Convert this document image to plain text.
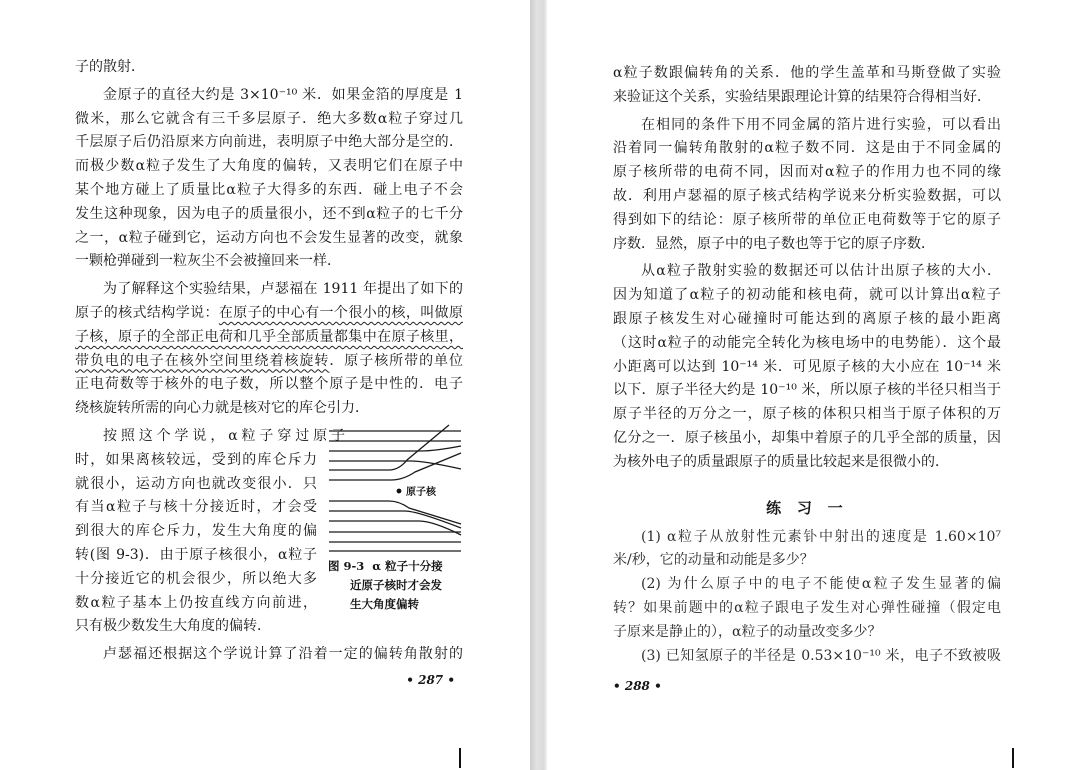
子的散射．
金原子的直径大约是 3×10⁻¹⁰ 米．如果金箔的厚度是 1
微米，那么它就含有三千多层原子．绝大多数α粒子穿过几
千层原子后仍沿原来方向前进，表明原子中绝大部分是空的．
而极少数α粒子发生了大角度的偏转，又表明它们在原子中
某个地方碰上了质量比α粒子大得多的东西．碰上电子不会
发生这种现象，因为电子的质量很小，还不到α粒子的七千分
之一，α粒子碰到它，运动方向也不会发生显著的改变，就象
一颗枪弹碰到一粒灰尘不会被撞回来一样．
为了解释这个实验结果，卢瑟福在 1911 年提出了如下的
原子的核式结构学说：在原子的中心有一个很小的核，叫做原
子核，原子的全部正电荷和几乎全部质量都集中在原子核里，
带负电的电子在核外空间里绕着核旋转．原子核所带的单位
正电荷数等于核外的电子数，所以整个原子是中性的．电子
绕核旋转所需的向心力就是核对它的库仑引力．
按照这个学说，α粒子穿过原子
时，如果离核较远，受到的库仑斥力
就很小，运动方向也就改变很小．只
有当α粒子与核十分接近时，才会受
到很大的库仑斥力，发生大角度的偏
转(图 9-3)．由于原子核很小，α粒子
十分接近它的机会很少，所以绝大多
数α粒子基本上仍按直线方向前进，
只有极少数发生大角度的偏转．
卢瑟福还根据这个学说计算了沿着一定的偏转角散射的
原子核
图 9-3  α 粒子十分接
近原子核时才会发
生大角度偏转
• 287 •
α粒子数跟偏转角的关系．他的学生盖革和马斯登做了实验
来验证这个关系，实验结果跟理论计算的结果符合得相当好．
在相同的条件下用不同金属的箔片进行实验，可以看出
沿着同一偏转角散射的α粒子数不同．这是由于不同金属的
原子核所带的电荷不同，因而对α粒子的作用力也不同的缘
故．利用卢瑟福的原子核式结构学说来分析实验数据，可以
得到如下的结论：原子核所带的单位正电荷数等于它的原子
序数．显然，原子中的电子数也等于它的原子序数．
从α粒子散射实验的数据还可以估计出原子核的大小．
因为知道了α粒子的初动能和核电荷，就可以计算出α粒子
跟原子核发生对心碰撞时可能达到的离原子核的最小距离
（这时α粒子的动能完全转化为核电场中的电势能）．这个最
小距离可以达到 10⁻¹⁴ 米．可见原子核的大小应在 10⁻¹⁴ 米
以下．原子半径大约是 10⁻¹⁰ 米，所以原子核的半径只相当于
原子半径的万分之一，原子核的体积只相当于原子体积的万
亿分之一．原子核虽小，却集中着原子的几乎全部的质量，因
为核外电子的质量跟原子的质量比较起来是很微小的．
练 习 一
(1) α粒子从放射性元素钋中射出的速度是 1.60×10⁷
米/秒，它的动量和动能是多少？
(2) 为什么原子中的电子不能使α粒子发生显著的偏
转？如果前题中的α粒子跟电子发生对心弹性碰撞（假定电
子原来是静止的），α粒子的动量改变多少？
(3) 已知氢原子的半径是 0.53×10⁻¹⁰ 米，电子不致被吸
• 288 •
